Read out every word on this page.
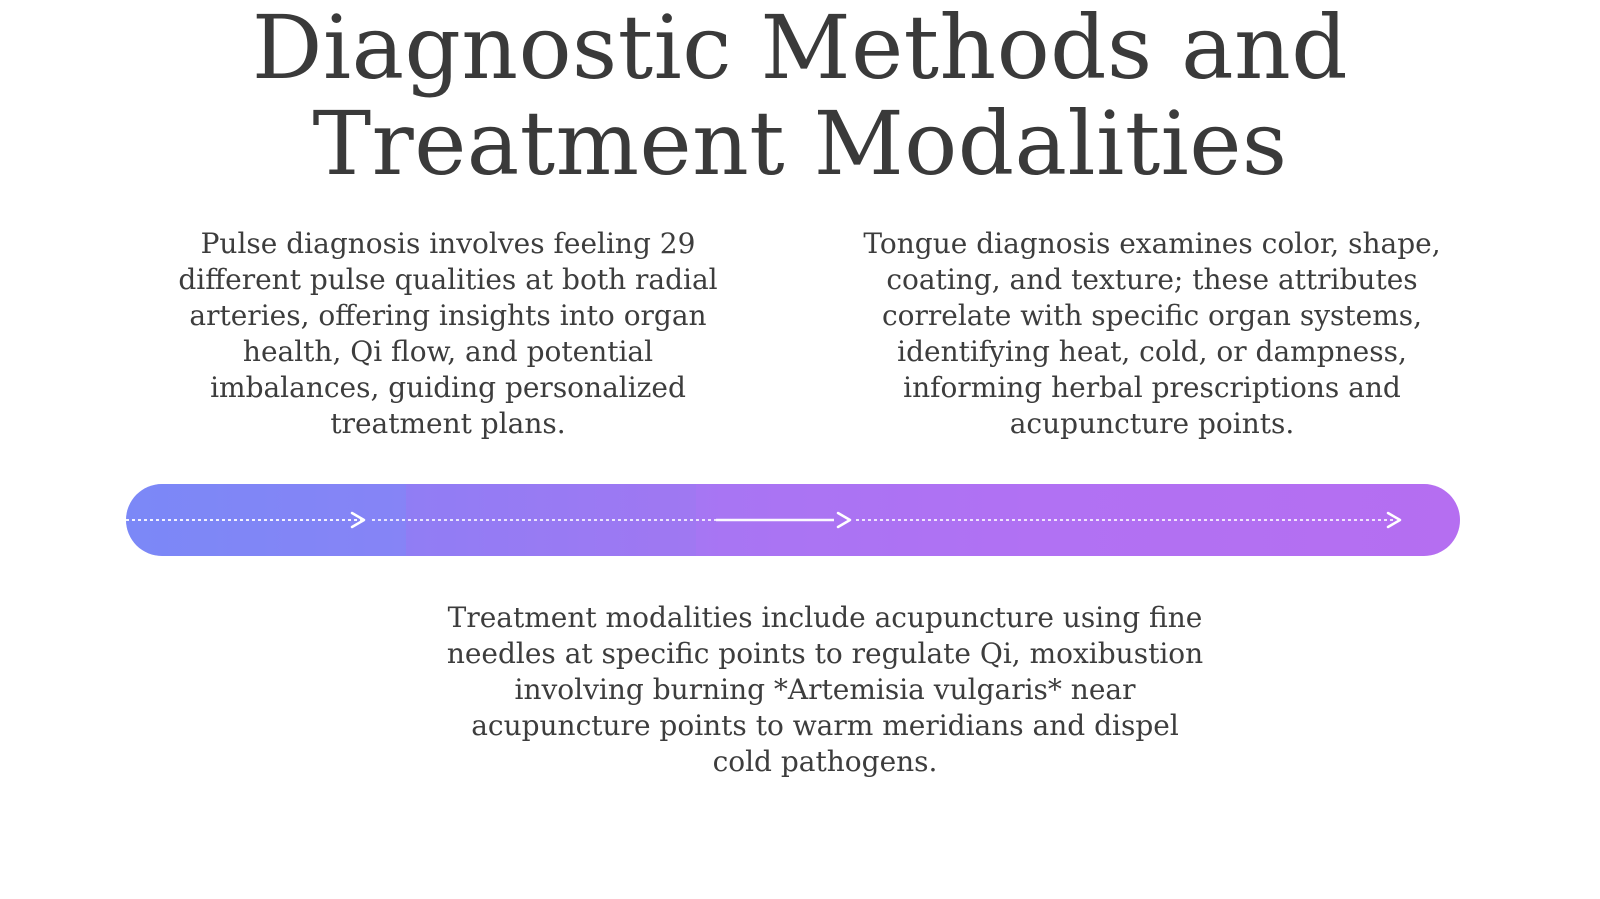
Diagnostic Methods and
Treatment Modalities

Pulse diagnosis involves feeling 29 different pulse qualities at both radial arteries, offering insights into organ health, Qi flow, and potential imbalances, guiding personalized treatment plans.

Tongue diagnosis examines color, shape, coating, and texture; these attributes correlate with specific organ systems, identifying heat, cold, or dampness, informing herbal prescriptions and acupuncture points.

Treatment modalities include acupuncture using fine needles at specific points to regulate Qi, moxibustion involving burning *Artemisia vulgaris* near acupuncture points to warm meridians and dispel cold pathogens.
